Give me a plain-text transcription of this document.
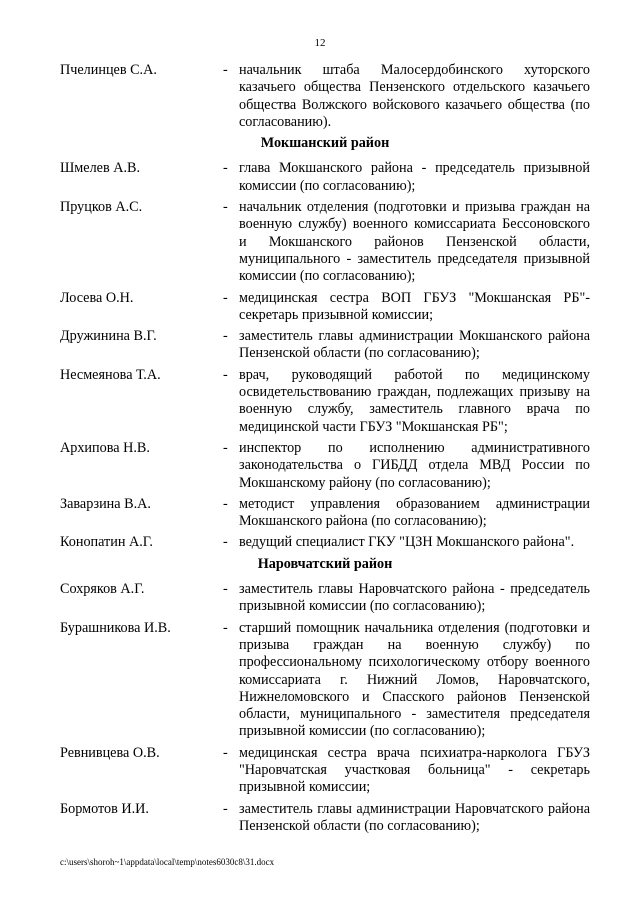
12
Пчелинцев С.А.	- начальник штаба Малосердобинского хуторского казачьего общества Пензенского отдельского казачьего общества Волжского войскового казачьего общества (по согласованию).
Мокшанский район
Шмелев А.В.	- глава Мокшанского района - председатель призывной комиссии (по согласованию);
Пруцков А.С.	- начальник отделения (подготовки и призыва граждан на военную службу) военного комиссариата Бессоновского и Мокшанского районов Пензенской области, муниципального - заместитель председателя призывной комиссии (по согласованию);
Лосева О.Н.	- медицинская сестра ВОП ГБУЗ "Мокшанская РБ"- секретарь призывной комиссии;
Дружинина В.Г.	- заместитель главы администрации Мокшанского района Пензенской области (по согласованию);
Несмеянова Т.А.	- врач, руководящий работой по медицинскому освидетельствованию граждан, подлежащих призыву на военную службу, заместитель главного врача по медицинской части ГБУЗ "Мокшанская РБ";
Архипова Н.В.	- инспектор по исполнению административного законодательства о ГИБДД отдела МВД России по Мокшанскому району (по согласованию);
Заварзина В.А.	- методист управления образованием администрации Мокшанского района (по согласованию);
Конопатин А.Г.	- ведущий специалист ГКУ "ЦЗН Мокшанского района".
Наровчатский район
Сохряков А.Г.	- заместитель главы Наровчатского района - председатель призывной комиссии (по согласованию);
Бурашникова И.В.	- старший помощник начальника отделения (подготовки и призыва граждан на военную службу) по профессиональному психологическому отбору военного комиссариата г. Нижний Ломов, Наровчатского, Нижнеломовского и Спасского районов Пензенской области, муниципального - заместителя председателя призывной комиссии (по согласованию);
Ревнивцева О.В.	- медицинская сестра врача психиатра-нарколога ГБУЗ "Наровчатская участковая больница" - секретарь призывной комиссии;
Бормотов И.И.	- заместитель главы администрации Наровчатского района Пензенской области (по согласованию);
c:\users\shoroh~1\appdata\local\temp\notes6030c8\31.docx
